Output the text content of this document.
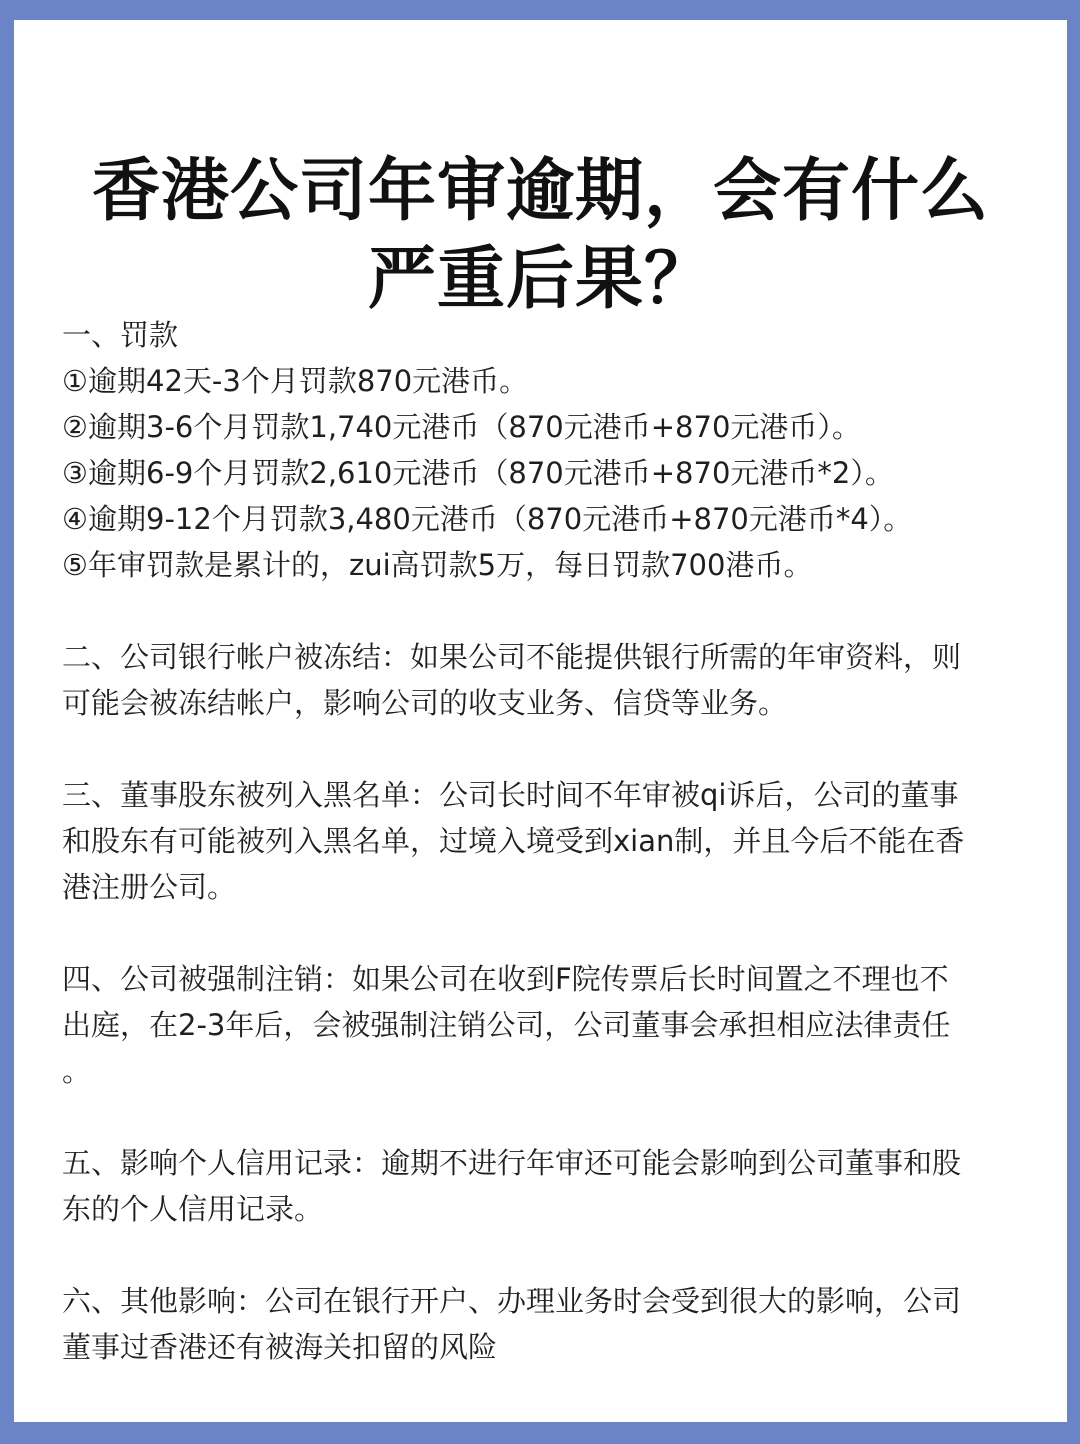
香港公司年审逾期，会有什么
严重后果？
一、罚款
①逾期42天-3个月罚款870元港币。
②逾期3-6个月罚款1,740元港币（870元港币+870元港币）。
③逾期6-9个月罚款2,610元港币（870元港币+870元港币*2）。
④逾期9-12个月罚款3,480元港币（870元港币+870元港币*4）。
⑤年审罚款是累计的，zui高罚款5万，每日罚款700港币。
二、公司银行帐户被冻结：如果公司不能提供银行所需的年审资料，则
可能会被冻结帐户，影响公司的收支业务、信贷等业务。
三、董事股东被列入黑名单：公司长时间不年审被qi诉后，公司的董事
和股东有可能被列入黑名单，过境入境受到xian制，并且今后不能在香
港注册公司。
四、公司被强制注销：如果公司在收到F院传票后长时间置之不理也不
出庭，在2-3年后，会被强制注销公司，公司董事会承担相应法律责任
。
五、影响个人信用记录：逾期不进行年审还可能会影响到公司董事和股
东的个人信用记录。
六、其他影响：公司在银行开户、办理业务时会受到很大的影响，公司
董事过香港还有被海关扣留的风险
